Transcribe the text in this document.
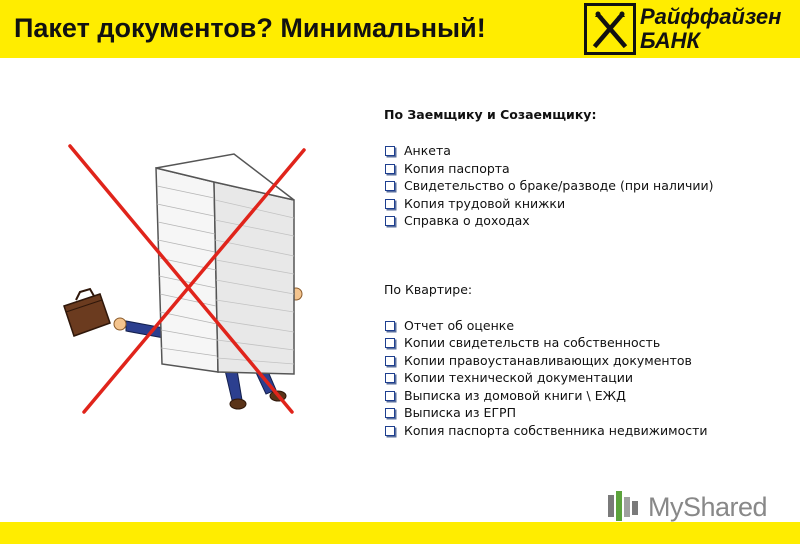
Пакет документов? Минимальный!	Райффайзен
БАНК
По Заемщику и Созаемщику:
Анкета
Копия паспорта
Свидетельство о браке/разводе (при наличии)
Копия трудовой книжки
Справка о доходах
По Квартире:
Отчет об оценке
Копии свидетельств на собственность
Копии правоустанавливающих документов
Копии технической документации
Выписка из домовой книги \ ЕЖД
Выписка из ЕГРП
Копия паспорта собственника недвижимости
MyShared
